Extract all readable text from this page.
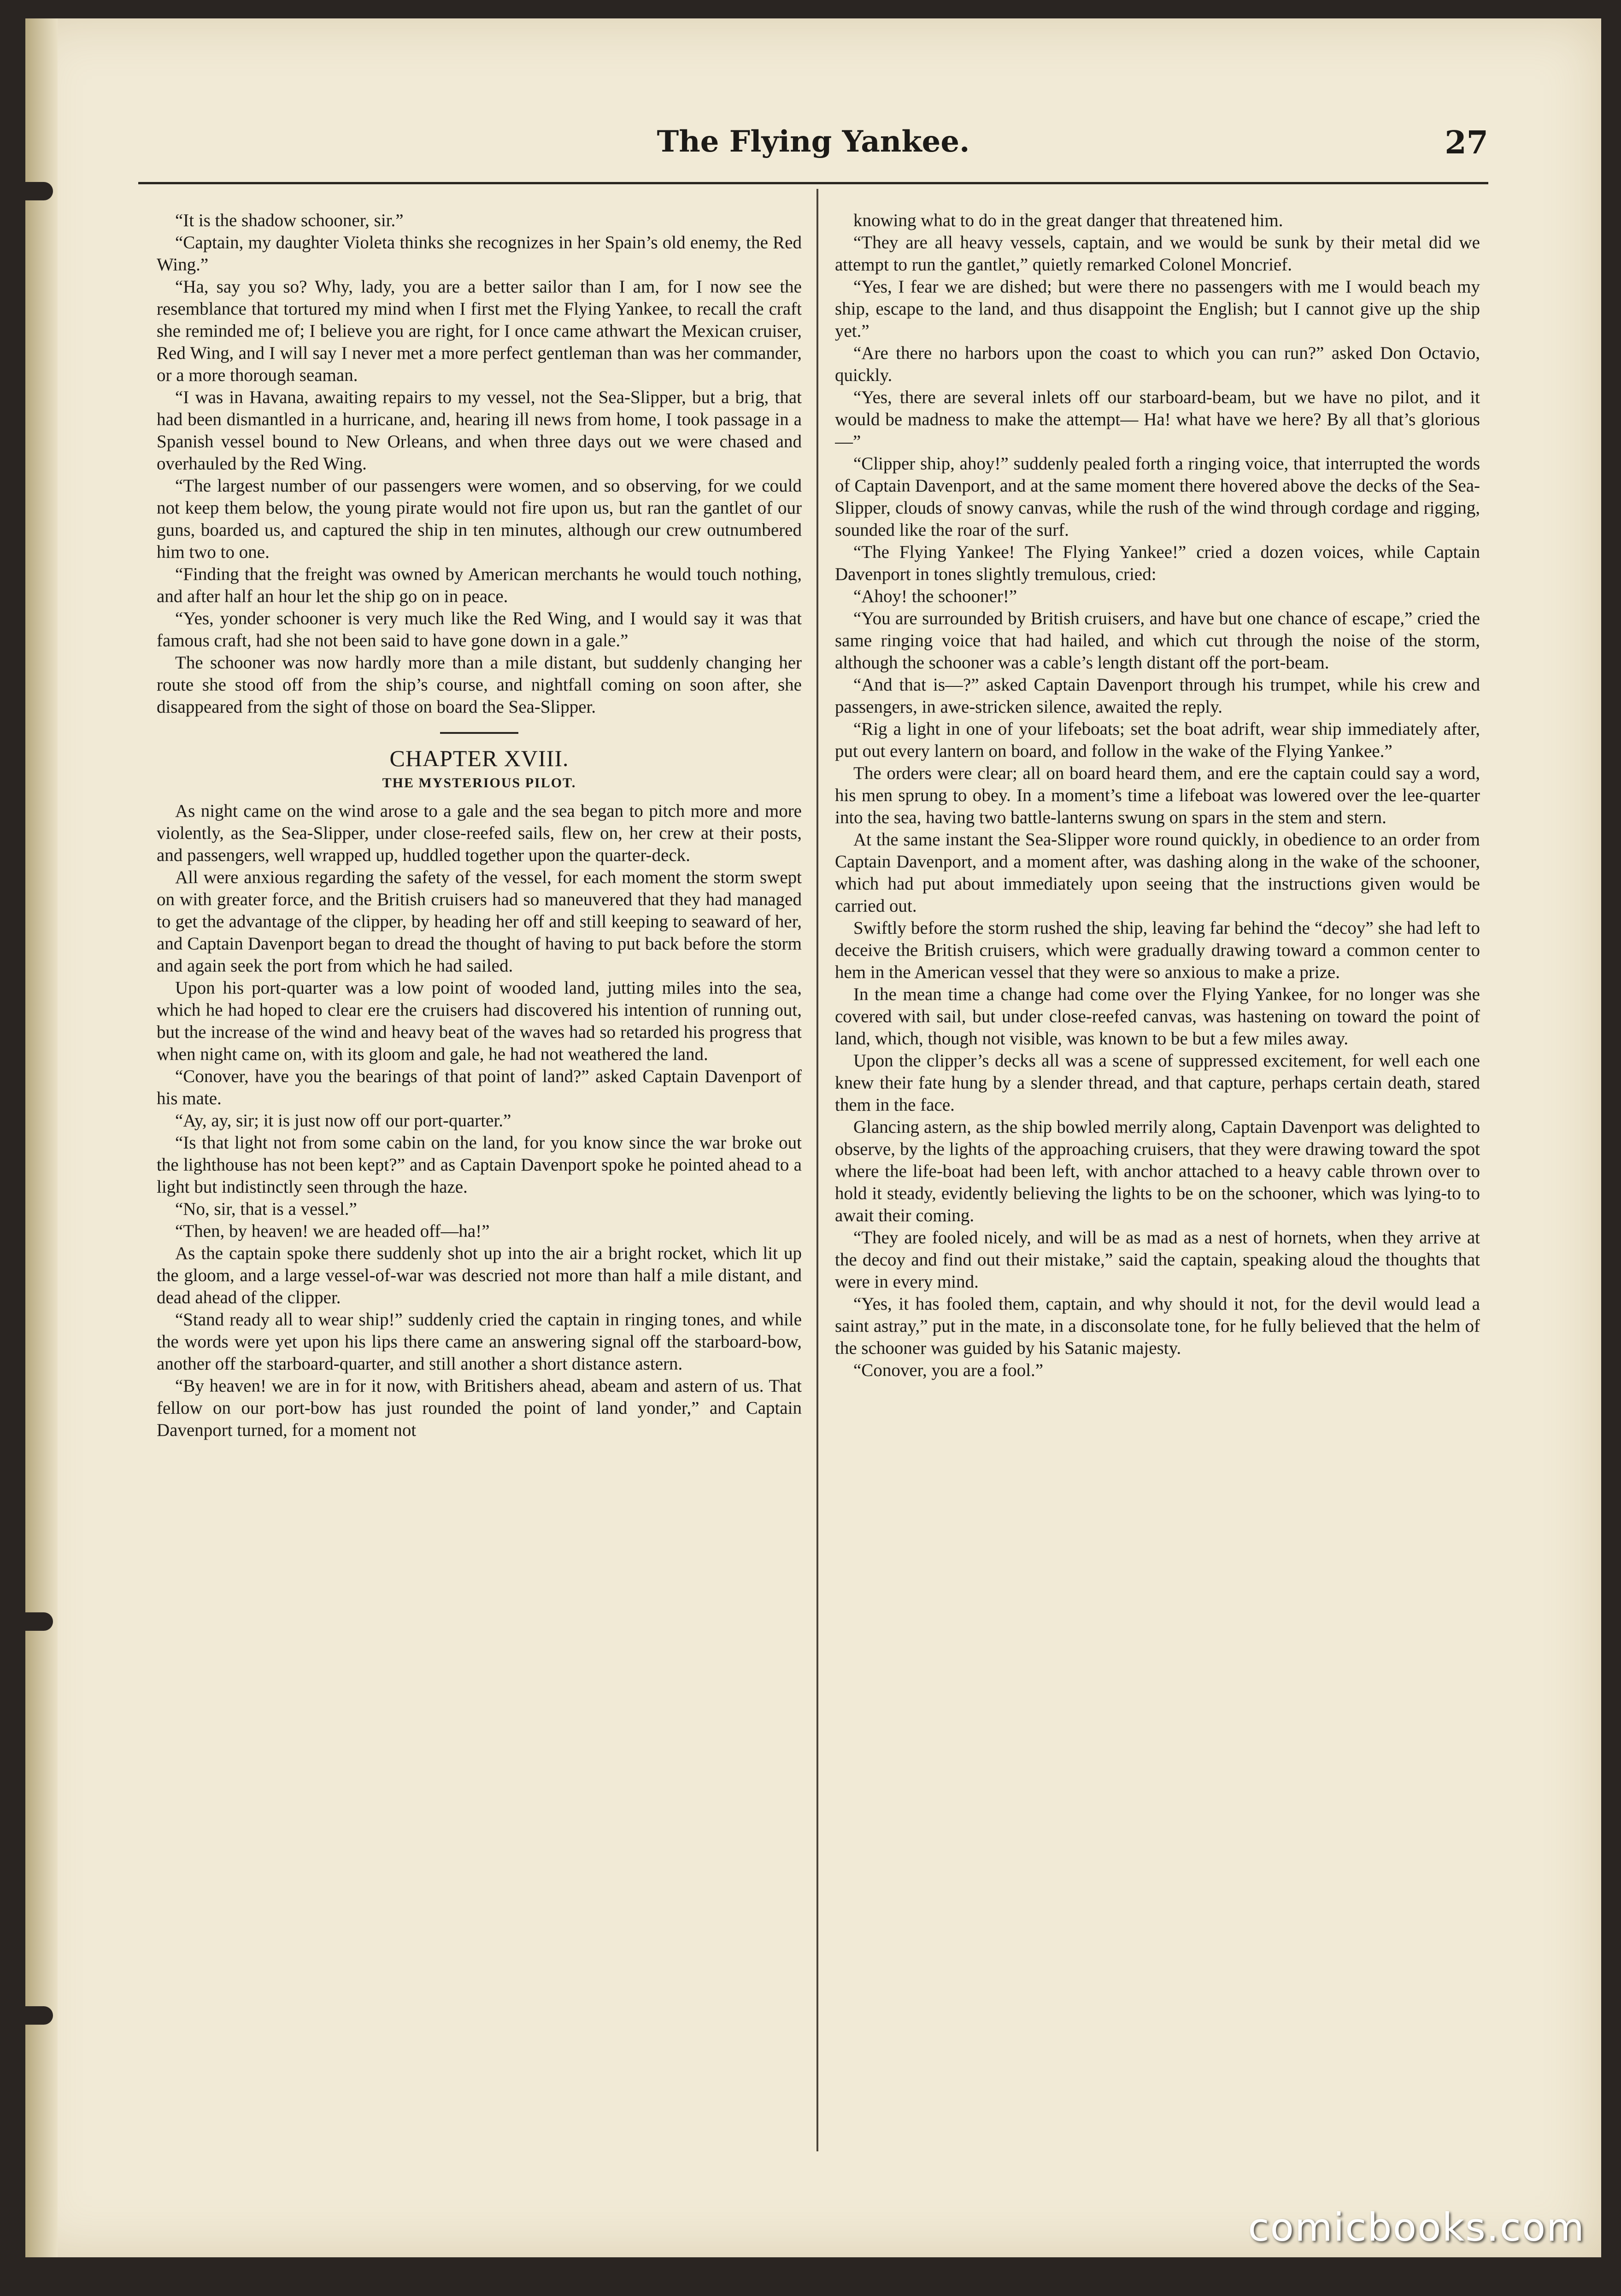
The Flying Yankee.	27

“It is the shadow schooner, sir.”

“Captain, my daughter Violeta thinks she recognizes in her Spain’s old enemy, the Red Wing.”

“Ha, say you so? Why, lady, you are a better sailor than I am, for I now see the resemblance that tortured my mind when I first met the Flying Yankee, to recall the craft she reminded me of; I believe you are right, for I once came athwart the Mexican cruiser, Red Wing, and I will say I never met a more perfect gentleman than was her commander, or a more thorough seaman.

“I was in Havana, awaiting repairs to my vessel, not the Sea-Slipper, but a brig, that had been dismantled in a hurricane, and, hearing ill news from home, I took passage in a Spanish vessel bound to New Orleans, and when three days out we were chased and overhauled by the Red Wing.

“The largest number of our passengers were women, and so observing, for we could not keep them below, the young pirate would not fire upon us, but ran the gantlet of our guns, boarded us, and captured the ship in ten minutes, although our crew outnumbered him two to one.

“Finding that the freight was owned by American merchants he would touch nothing, and after half an hour let the ship go on in peace.

“Yes, yonder schooner is very much like the Red Wing, and I would say it was that famous craft, had she not been said to have gone down in a gale.”

The schooner was now hardly more than a mile distant, but suddenly changing her route she stood off from the ship’s course, and nightfall coming on soon after, she disappeared from the sight of those on board the Sea-Slipper.

CHAPTER XVIII.
THE MYSTERIOUS PILOT.

As night came on the wind arose to a gale and the sea began to pitch more and more violently, as the Sea-Slipper, under close-reefed sails, flew on, her crew at their posts, and passengers, well wrapped up, huddled together upon the quarter-deck.

All were anxious regarding the safety of the vessel, for each moment the storm swept on with greater force, and the British cruisers had so maneuvered that they had managed to get the advantage of the clipper, by heading her off and still keeping to seaward of her, and Captain Davenport began to dread the thought of having to put back before the storm and again seek the port from which he had sailed.

Upon his port-quarter was a low point of wooded land, jutting miles into the sea, which he had hoped to clear ere the cruisers had discovered his intention of running out, but the increase of the wind and heavy beat of the waves had so retarded his progress that when night came on, with its gloom and gale, he had not weathered the land.

“Conover, have you the bearings of that point of land?” asked Captain Davenport of his mate.

“Ay, ay, sir; it is just now off our port-quarter.”

“Is that light not from some cabin on the land, for you know since the war broke out the lighthouse has not been kept?” and as Captain Davenport spoke he pointed ahead to a light but indistinctly seen through the haze.

“No, sir, that is a vessel.”

“Then, by heaven! we are headed off—ha!”

As the captain spoke there suddenly shot up into the air a bright rocket, which lit up the gloom, and a large vessel-of-war was descried not more than half a mile distant, and dead ahead of the clipper.

“Stand ready all to wear ship!” suddenly cried the captain in ringing tones, and while the words were yet upon his lips there came an answering signal off the starboard-bow, another off the starboard-quarter, and still another a short distance astern.

“By heaven! we are in for it now, with Britishers ahead, abeam and astern of us. That fellow on our port-bow has just rounded the point of land yonder,” and Captain Davenport turned, for a moment not

knowing what to do in the great danger that threatened him.

“They are all heavy vessels, captain, and we would be sunk by their metal did we attempt to run the gantlet,” quietly remarked Colonel Moncrief.

“Yes, I fear we are dished; but were there no passengers with me I would beach my ship, escape to the land, and thus disappoint the English; but I cannot give up the ship yet.”

“Are there no harbors upon the coast to which you can run?” asked Don Octavio, quickly.

“Yes, there are several inlets off our starboard-beam, but we have no pilot, and it would be madness to make the attempt— Ha! what have we here? By all that’s glorious—”

“Clipper ship, ahoy!” suddenly pealed forth a ringing voice, that interrupted the words of Captain Davenport, and at the same moment there hovered above the decks of the Sea-Slipper, clouds of snowy canvas, while the rush of the wind through cordage and rigging, sounded like the roar of the surf.

“The Flying Yankee! The Flying Yankee!” cried a dozen voices, while Captain Davenport in tones slightly tremulous, cried:

“Ahoy! the schooner!”

“You are surrounded by British cruisers, and have but one chance of escape,” cried the same ringing voice that had hailed, and which cut through the noise of the storm, although the schooner was a cable’s length distant off the port-beam.

“And that is—?” asked Captain Davenport through his trumpet, while his crew and passengers, in awe-stricken silence, awaited the reply.

“Rig a light in one of your lifeboats; set the boat adrift, wear ship immediately after, put out every lantern on board, and follow in the wake of the Flying Yankee.”

The orders were clear; all on board heard them, and ere the captain could say a word, his men sprung to obey. In a moment’s time a lifeboat was lowered over the lee-quarter into the sea, having two battle-lanterns swung on spars in the stem and stern.

At the same instant the Sea-Slipper wore round quickly, in obedience to an order from Captain Davenport, and a moment after, was dashing along in the wake of the schooner, which had put about immediately upon seeing that the instructions given would be carried out.

Swiftly before the storm rushed the ship, leaving far behind the “decoy” she had left to deceive the British cruisers, which were gradually drawing toward a common center to hem in the American vessel that they were so anxious to make a prize.

In the mean time a change had come over the Flying Yankee, for no longer was she covered with sail, but under close-reefed canvas, was hastening on toward the point of land, which, though not visible, was known to be but a few miles away.

Upon the clipper’s decks all was a scene of suppressed excitement, for well each one knew their fate hung by a slender thread, and that capture, perhaps certain death, stared them in the face.

Glancing astern, as the ship bowled merrily along, Captain Davenport was delighted to observe, by the lights of the approaching cruisers, that they were drawing toward the spot where the life-boat had been left, with anchor attached to a heavy cable thrown over to hold it steady, evidently believing the lights to be on the schooner, which was lying-to to await their coming.

“They are fooled nicely, and will be as mad as a nest of hornets, when they arrive at the decoy and find out their mistake,” said the captain, speaking aloud the thoughts that were in every mind.

“Yes, it has fooled them, captain, and why should it not, for the devil would lead a saint astray,” put in the mate, in a disconsolate tone, for he fully believed that the helm of the schooner was guided by his Satanic majesty.

“Conover, you are a fool.”

comicbooks.com
